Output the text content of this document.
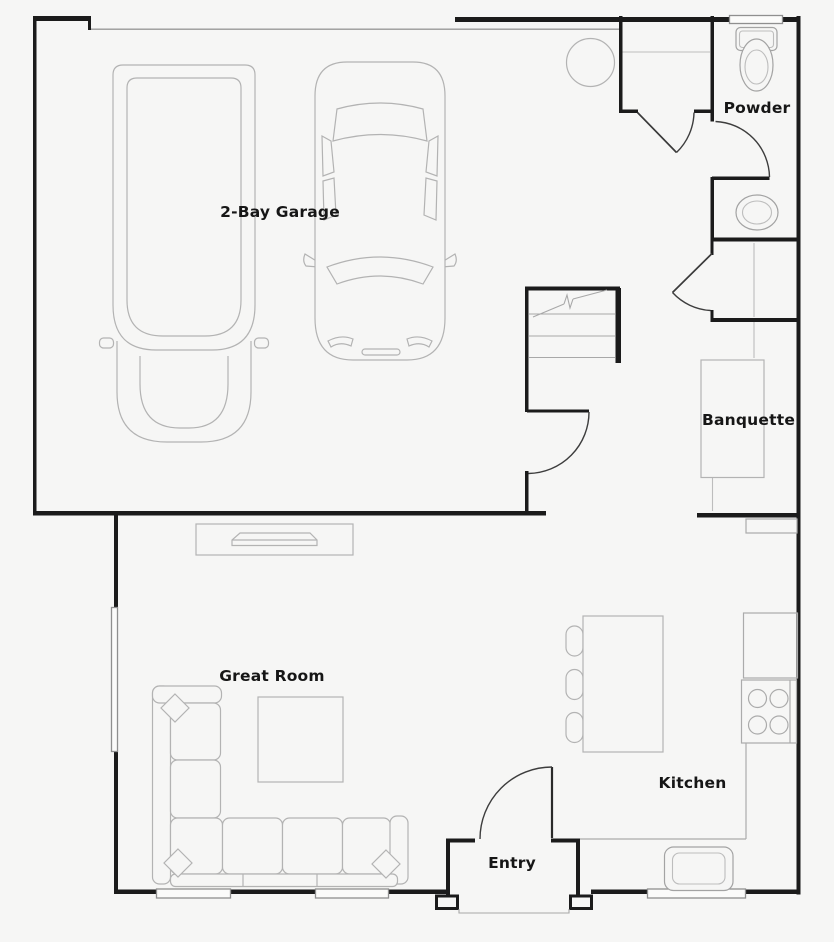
2-Bay Garage
Powder
Banquette
Great Room
Kitchen
Entry
